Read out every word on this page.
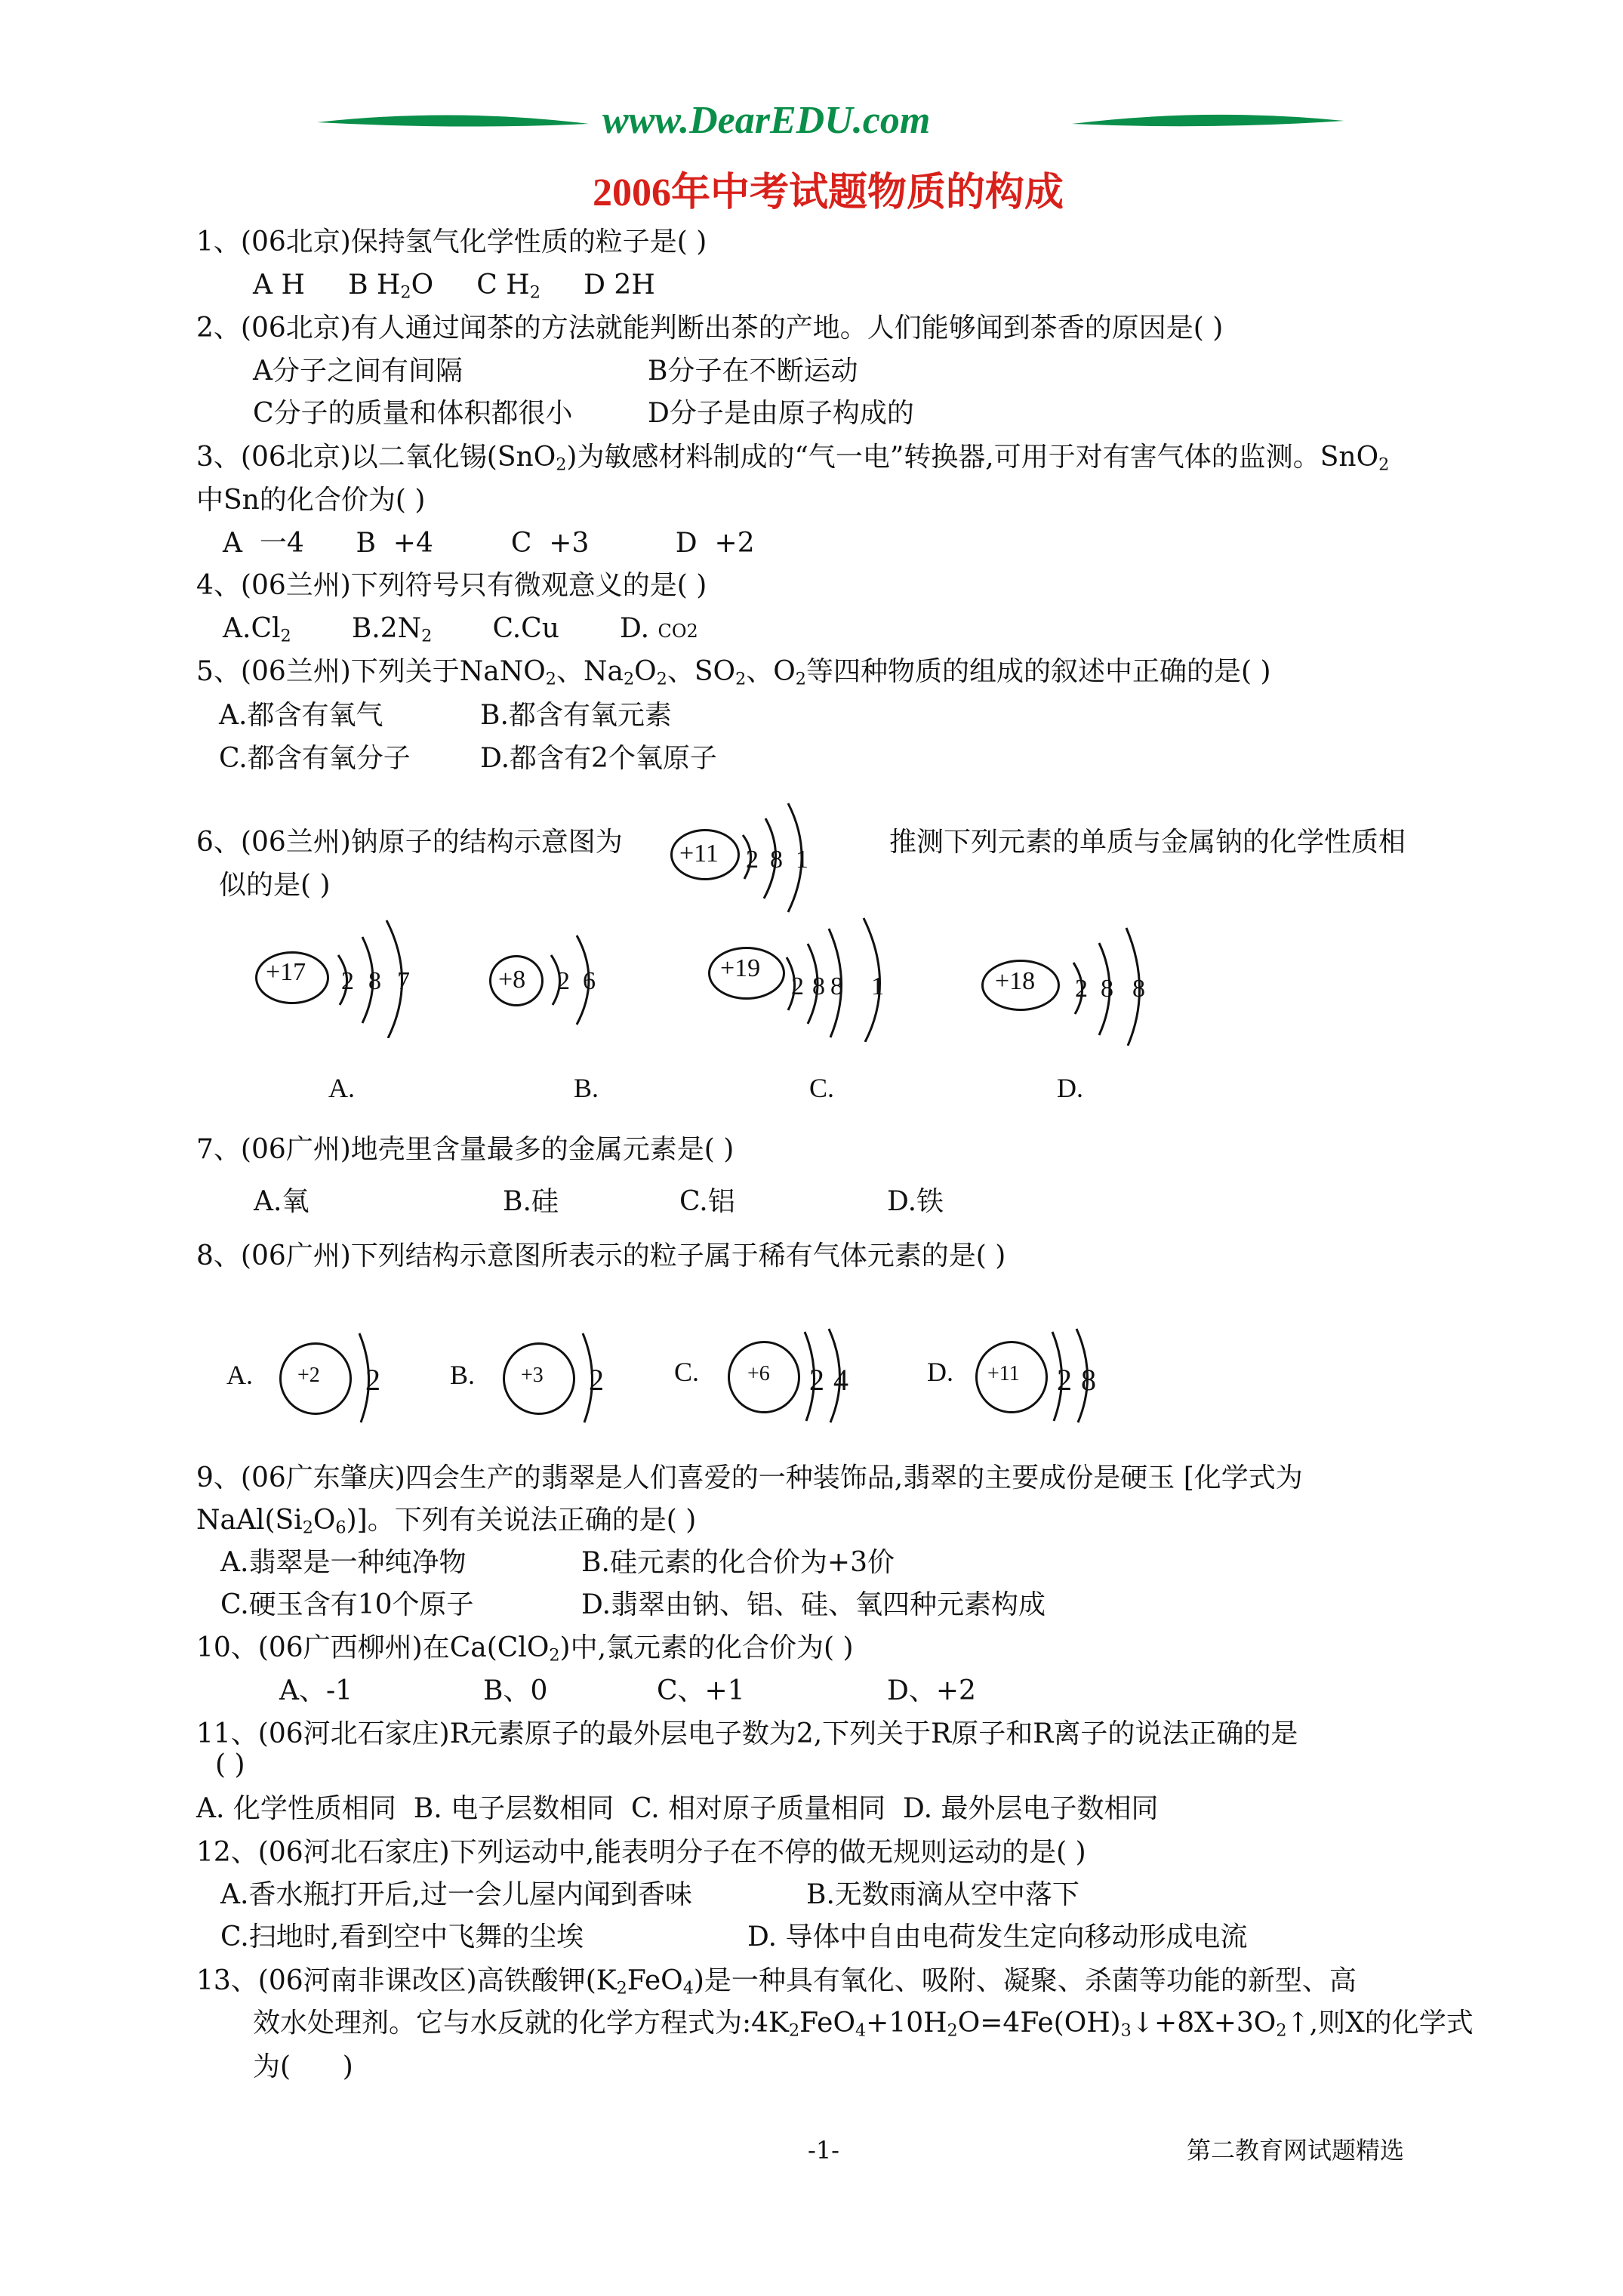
www.DearEDU.com
2006年中考试题物质的构成
1、(06北京)保持氢气化学性质的粒子是( )
A H B $H_2O$ C $H_2$ D 2H
2、(06北京)有人通过闻茶的方法就能判断出茶的产地。人们能够闻到茶香的原因是( )
A分子之间有间隔	B分子在不断运动
C分子的质量和体积都很小	D分子是由原子构成的
3、(06北京)以二氧化锡(SnO$_2$)为敏感材料制成的“气一电”转换器,可用于对有害气体的监测。SnO$_2$
中Sn的化合价为( )
A  一4      B  +4         C  +3          D  +2
4、(06兰州)下列符号只有微观意义的是( )
$A.Cl_2$ $B.2N_2$ C.Cu D. CO2
5、(06兰州)下列关于NaNO$_2$、$Na_2O_2$、$SO_2$、$O_2$等四种物质的组成的叙述中正确的是( )
A.都含有氧气	B.都含有氧元素
C.都含有氧分子	D.都含有2个氧原子
6、(06兰州)钠原子的结构示意图为	推测下列元素的单质与金属钠的化学性质相
似的是( )
+11 2 8 1
+17 2 8 7
A.
+8 2 6
B.
+19
2 8 8 1
C.
+18 2 8 8
D.
7、(06广州)地壳里含量最多的金属元素是( )
A.氧	B.硅	C.铝	D.铁
8、(06广州)下列结构示意图所表示的粒子属于稀有气体元素的是( )
A. +2 2	B. +3 2	C. +6 2 4	D. +11 2 8
9、(06广东肇庆)四会生产的翡翠是人们喜爱的一种装饰品,翡翠的主要成份是硬玉 [化学式为
$NaAl(Si_2O_6)$]。下列有关说法正确的是( )
A.翡翠是一种纯净物	B.硅元素的化合价为+3价
C.硬玉含有10个原子	D.翡翠由钠、铝、硅、氧四种元素构成
10、(06广西柳州)在Ca(ClO$_2$)中,氯元素的化合价为( )
A、-1	B、0	C、+1	D、+2
11、(06河北石家庄)R元素原子的最外层电子数为2,下列关于R原子和R离子的说法正确的是
( )
A. 化学性质相同  B. 电子层数相同  C. 相对原子质量相同  D. 最外层电子数相同
12、(06河北石家庄)下列运动中,能表明分子在不停的做无规则运动的是( )
A.香水瓶打开后,过一会儿屋内闻到香味	B.无数雨滴从空中落下
C.扫地时,看到空中飞舞的尘埃	D. 导体中自由电荷发生定向移动形成电流
13、(06河南非课改区)高铁酸钾$(K_2FeO_4)$是一种具有氧化、吸附、凝聚、杀菌等功能的新型、高
效水处理剂。它与水反就的化学方程式为$:4K_2FeO_4+10H_2O=4Fe(OH)_3↓+8X+3O_2↑$,则X的化学式
为(      )
-1-	第二教育网试题精选
